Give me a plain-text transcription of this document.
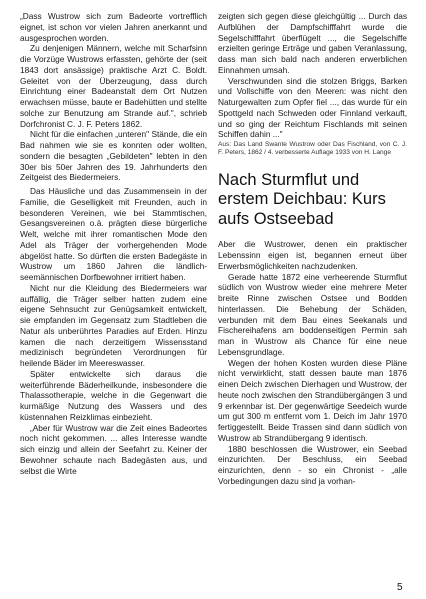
„Dass Wustrow sich zum Badeorte vortrefflich eignet, ist schon vor vielen Jahren anerkannt und ausgesprochen worden.

Zu denjenigen Männern, welche mit Scharfsinn die Vorzüge Wustrows erfassten, gehörte der (seit 1843 dort ansässige) praktische Arzt C. Boldt. Geleitet von der Überzeugung, dass durch Einrichtung einer Badeanstalt dem Ort Nutzen erwachsen müsse, baute er Badehütten und stellte solche zur Benutzung am Strande auf.", schrieb Dorfchronist C. J. F. Peters 1862.

Nicht für die einfachen „unteren" Stände, die ein Bad nahmen wie sie es konnten oder wollten, sondern die besagten „Gebildeten" lebten in den 30er bis 50er Jahren des 19. Jahrhunderts den Zeitgeist des Biedermeiers.

Das Häusliche und das Zusammensein in der Familie, die Geselligkeit mit Freunden, auch in besonderen Vereinen, wie bei Stammtischen, Gesangsvereinen o.ä. prägten diese bürgerliche Welt, welche mit ihrer romantischen Mode den Adel als Träger der vorhergehenden Mode abgelöst hatte. So dürften die ersten Badegäste in Wustrow um 1860 Jahren die ländlich-seemännischen Dorfbewohner irritiert haben.

Nicht nur die Kleidung des Biedermeiers war auffällig, die Träger selber hatten zudem eine eigene Sehnsucht zur Genügsamkeit entwickelt, sie empfanden im Gegensatz zum Stadtleben die Natur als unberührtes Paradies auf Erden. Hinzu kamen die nach derzeitigem Wissensstand medizinisch begründeten Verordnungen für heilende Bäder im Meereswasser.

Später entwickelte sich daraus die weiterführende Bäderheilkunde, insbesondere die Thalassotherapie, welche in die Gegenwart die kurmäßige Nutzung des Wassers und des küstennahen Reizklimas einbezieht.

„Aber für Wustrow war die Zeit eines Badeortes noch nicht gekommen. ... alles Interesse wandte sich einzig und allein der Seefahrt zu. Keiner der Bewohner schaute nach Badegästen aus, und selbst die Wirte

zeigten sich gegen diese gleichgültig ... Durch das Aufblühen der Dampfschifffahrt wurde die Segelschifffahrt überflügelt ..., die Segelschiffe erzielten geringe Erträge und gaben Veranlassung, dass man sich bald nach anderen erwerblichen Einnahmen umsah.

Verschwunden sind die stolzen Briggs, Barken und Vollschiffe von den Meeren: was nicht den Naturgewalten zum Opfer fiel ..., das wurde für ein Spottgeld nach Schweden oder Finnland verkauft, und so ging der Reichtum Fischlands mit seinen Schiffen dahin ..."

Aus: Das Land Swante Wustrow oder Das Fischland, von C. J. F. Peters, 1862 / 4. verbesserte Auflage 1933 von H. Lange

Nach Sturmflut und erstem Deichbau: Kurs aufs Ostseebad

Aber die Wustrower, denen ein praktischer Lebenssinn eigen ist, begannen erneut über Erwerbsmöglichkeiten nachzudenken.

Gerade hatte 1872 eine verheerende Sturmflut südlich von Wustrow wieder eine mehrere Meter breite Rinne zwischen Ostsee und Bodden hinterlassen. Die Behebung der Schäden, verbunden mit dem Bau eines Seekanals und Fischereihafens am boddenseitigen Permin sah man in Wustrow als Chance für eine neue Lebensgrundlage.

Wegen der hohen Kosten wurden diese Pläne nicht verwirklicht, statt dessen baute man 1876 einen Deich zwischen Dierhagen und Wustrow, der heute noch zwischen den Strandübergängen 3 und 9 erkennbar ist. Der gegenwärtige Seedeich wurde um gut 300 m entfernt vom 1. Deich im Jahr 1970 fertiggestellt. Beide Trassen sind dann südlich von Wustrow ab Strandübergang 9 identisch.

1880 beschlossen die Wustrower, ein Seebad einzurichten. Der Beschluss, ein Seebad einzurichten, denn - so ein Chronist - „alle Vorbedingungen dazu sind ja vorhan-

5
